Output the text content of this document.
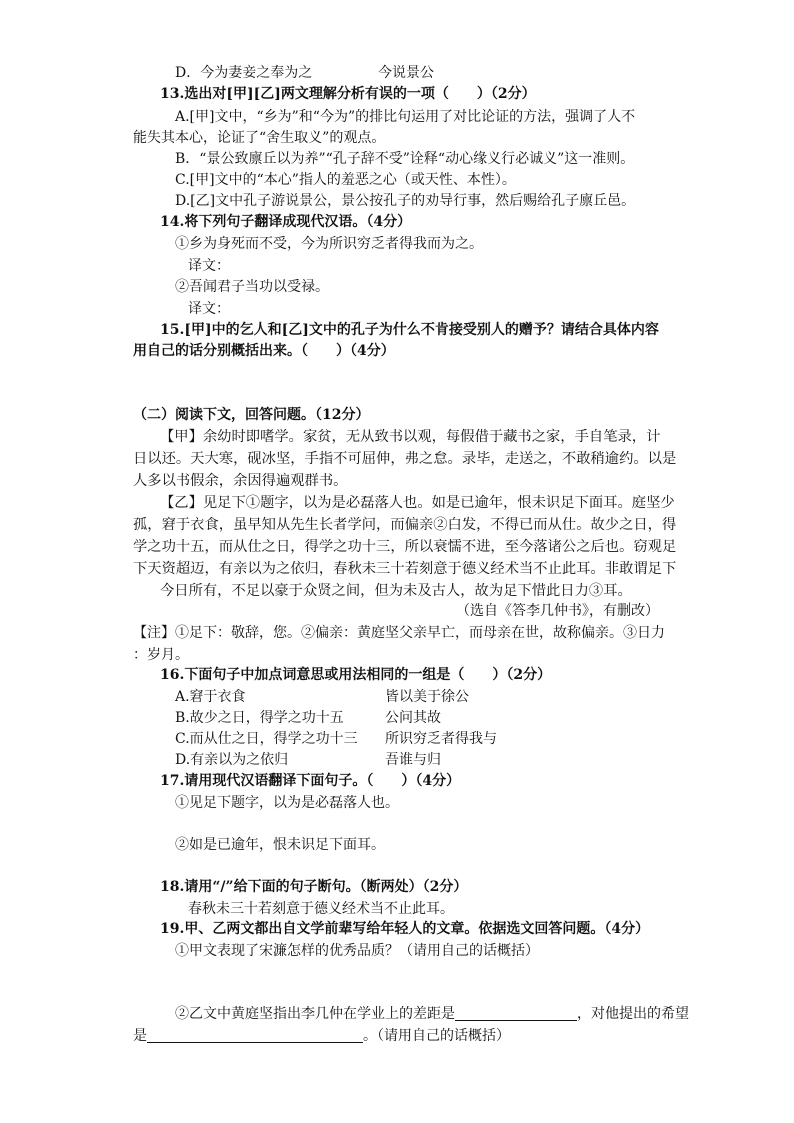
D．今为妻妾之奉为之	今说景公
13.选出对[甲][乙]两文理解分析有误的一项（　　）（2分）
A.[甲]文中，“乡为”和“今为”的排比句运用了对比论证的方法，强调了人不
能失其本心，论证了“舍生取义”的观点。
B．“景公致廪丘以为养”“孔子辞不受”诠释“动心缘义行必诚义”这一准则。
C.[甲]文中的“本心”指人的羞恶之心（或天性、本性）。
D.[乙]文中孔子游说景公，景公按孔子的劝导行事，然后赐给孔子廪丘邑。
14.将下列句子翻译成现代汉语。（4分）
①乡为身死而不受，今为所识穷乏者得我而为之。
译文：
②吾闻君子当功以受禄。
译文：
15.[甲]中的乞人和[乙]文中的孔子为什么不肯接受别人的赠予？请结合具体内容
用自己的话分别概括出来。（　　）（4分）
（二）阅读下文，回答问题。（12分）
【甲】余幼时即嗜学。家贫，无从致书以观，每假借于藏书之家，手自笔录，计
日以还。天大寒，砚冰坚，手指不可屈伸，弗之怠。录毕，走送之，不敢稍逾约。以是
人多以书假余，余因得遍观群书。
【乙】见足下①题字，以为是必磊落人也。如是已逾年，恨未识足下面耳。庭坚少
孤，窘于衣食，虽早知从先生长者学问，而偏亲②白发，不得已而从仕。故少之日，得
学之功十五，而从仕之日，得学之功十三，所以衰懦不进，至今落诸公之后也。窃观足
下天资超迈，有亲以为之依归，春秋未三十若刻意于德义经术当不止此耳。非敢谓足下
今日所有，不足以豪于众贤之间，但为未及古人，故为足下惜此日力③耳。
（选自《答李几仲书》，有删改）
【注】①足下：敬辞，您。②偏亲：黄庭坚父亲早亡，而母亲在世，故称偏亲。③日力
：岁月。
16.下面句子中加点词意思或用法相同的一组是（　　）（2分）
A.窘于衣食	皆以美于徐公
B.故少之日，得学之功十五	公问其故
C.而从仕之日，得学之功十三 所识穷乏者得我与
D.有亲以为之依归	吾谁与归
17.请用现代汉语翻译下面句子。（　　）（4分）
①见足下题字，以为是必磊落人也。
②如是已逾年，恨未识足下面耳。
18.请用“/”给下面的句子断句。（断两处）（2分）
春秋未三十若刻意于德义经术当不止此耳。
19.甲、乙两文都出自文学前辈写给年轻人的文章。依据选文回答问题。（4分）
①甲文表现了宋濂怎样的优秀品质？（请用自己的话概括）
②乙文中黄庭坚指出李几仲在学业上的差距是	，对他提出的希望
是	。（请用自己的话概括）
